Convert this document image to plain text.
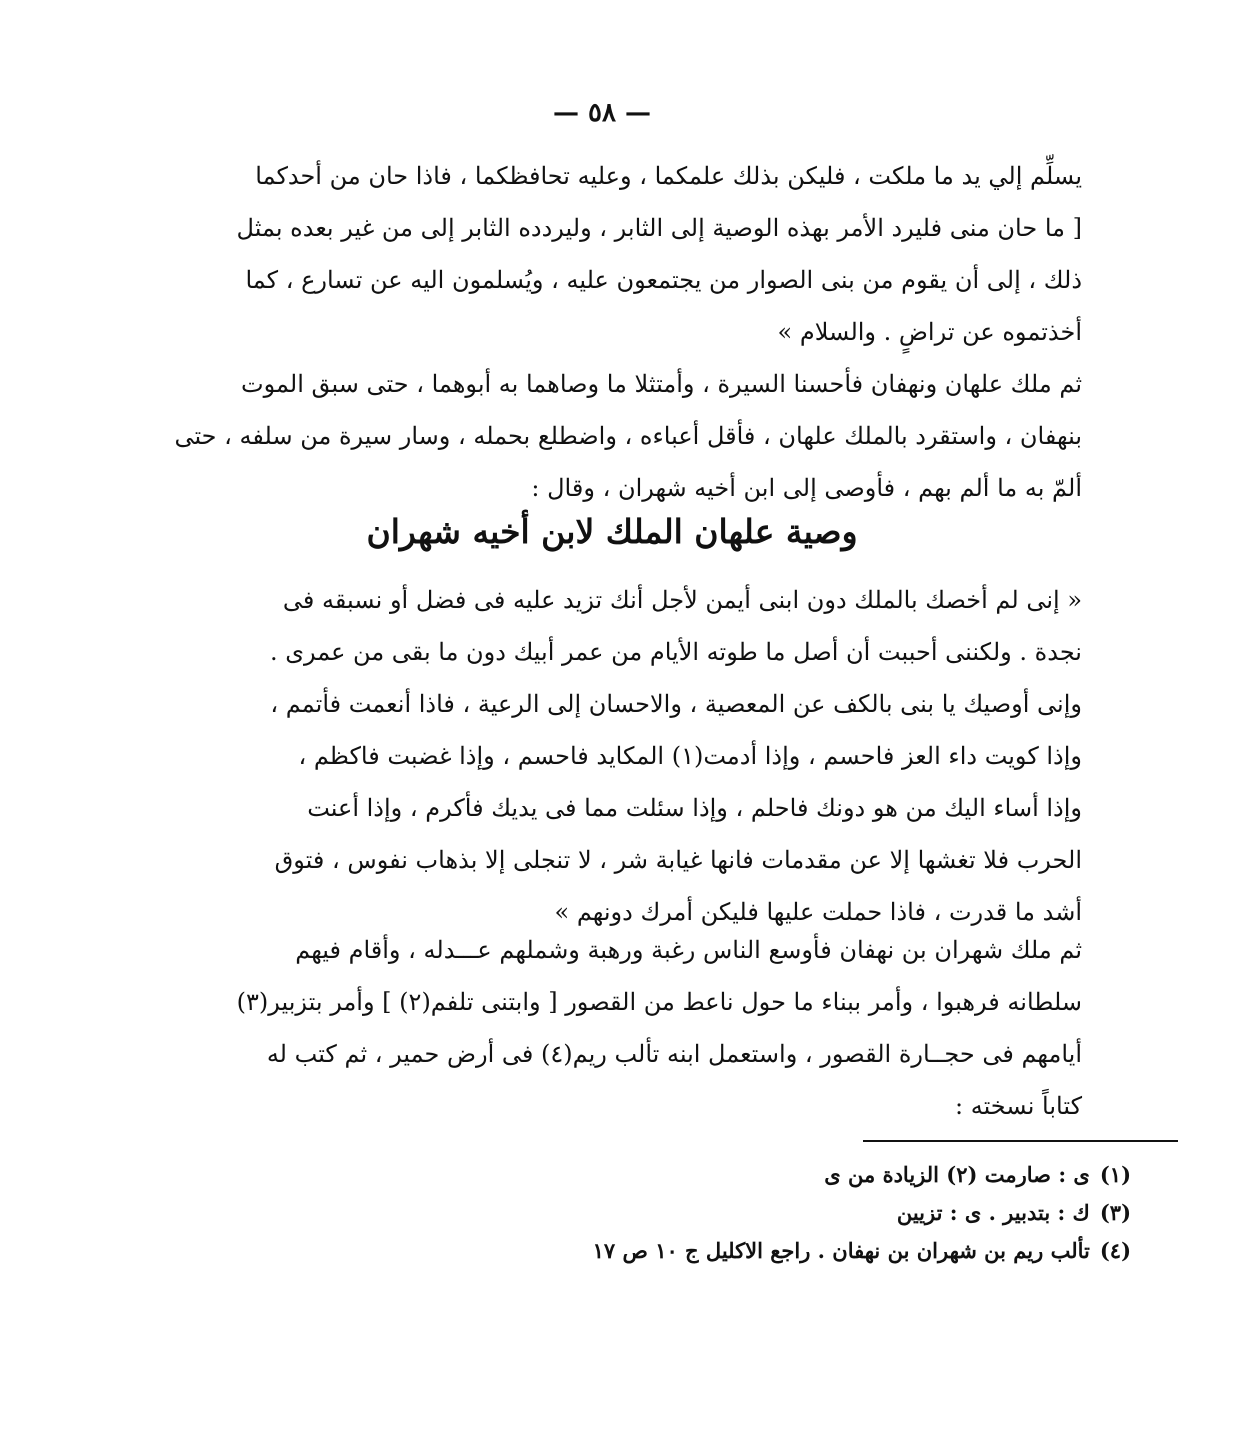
— ٥٨ —
يسلِّم إلي يد ما ملكت ، فليكن بذلك علمكما ، وعليه تحافظكما ، فاذا حان من أحدكما
[ ما حان منى فليرد الأمر بهذه الوصية إلى الثابر ، وليردده الثابر إلى من غير بعده بمثل
ذلك ، إلى أن يقوم من بنى الصوار من يجتمعون عليه ، ويُسلمون اليه عن تسارع ، كما
أخذتموه عن تراضٍ . والسلام »
ثم ملك علهان ونهفان فأحسنا السيرة ، وأمتثلا ما وصاهما به أبوهما ، حتى سبق الموت
بنهفان ، واستقرد بالملك علهان ، فأقل أعباءه ، واضطلع بحمله ، وسار سيرة من سلفه ، حتى
ألمّ به ما ألم بهم ، فأوصى إلى ابن أخيه شهران ، وقال :
وصية علهان الملك لابن أخيه شهران
« إنى لم أخصك بالملك دون ابنى أيمن لأجل أنك تزيد عليه فى فضل أو نسبقه فى
نجدة . ولكننى أحببت أن أصل ما طوته الأيام من عمر أبيك دون ما بقى من عمرى .
وإنى أوصيك يا بنى بالكف عن المعصية ، والاحسان إلى الرعية ، فاذا أنعمت فأتمم ،
وإذا كويت داء العز فاحسم ، وإذا أدمت(١) المكايد فاحسم ، وإذا غضبت فاكظم ،
وإذا أساء اليك من هو دونك فاحلم ، وإذا سئلت مما فى يديك فأكرم ، وإذا أعنت
الحرب فلا تغشها إلا عن مقدمات فانها غيابة شر ، لا تنجلى إلا بذهاب نفوس ، فتوق
أشد ما قدرت ، فاذا حملت عليها فليكن أمرك دونهم »
ثم ملك شهران بن نهفان فأوسع الناس رغبة ورهبة وشملهم عـــدله ، وأقام فيهم
سلطانه فرهبوا ، وأمر ببناء ما حول ناعط من القصور [ وابتنى تلفم(٢) ] وأمر بتزبير(٣)
أيامهم فى حجــارة القصور ، واستعمل ابنه تألب ريم(٤) فى أرض حمير ، ثم كتب له
كتاباً نسخته :
(١)ى : صارمت (٢) الزيادة من ى
(٣)ك : بتدبير . ى : تزيين
(٤)تألب ريم بن شهران بن نهفان . راجع الاكليل ج ١٠ ص ١٧
